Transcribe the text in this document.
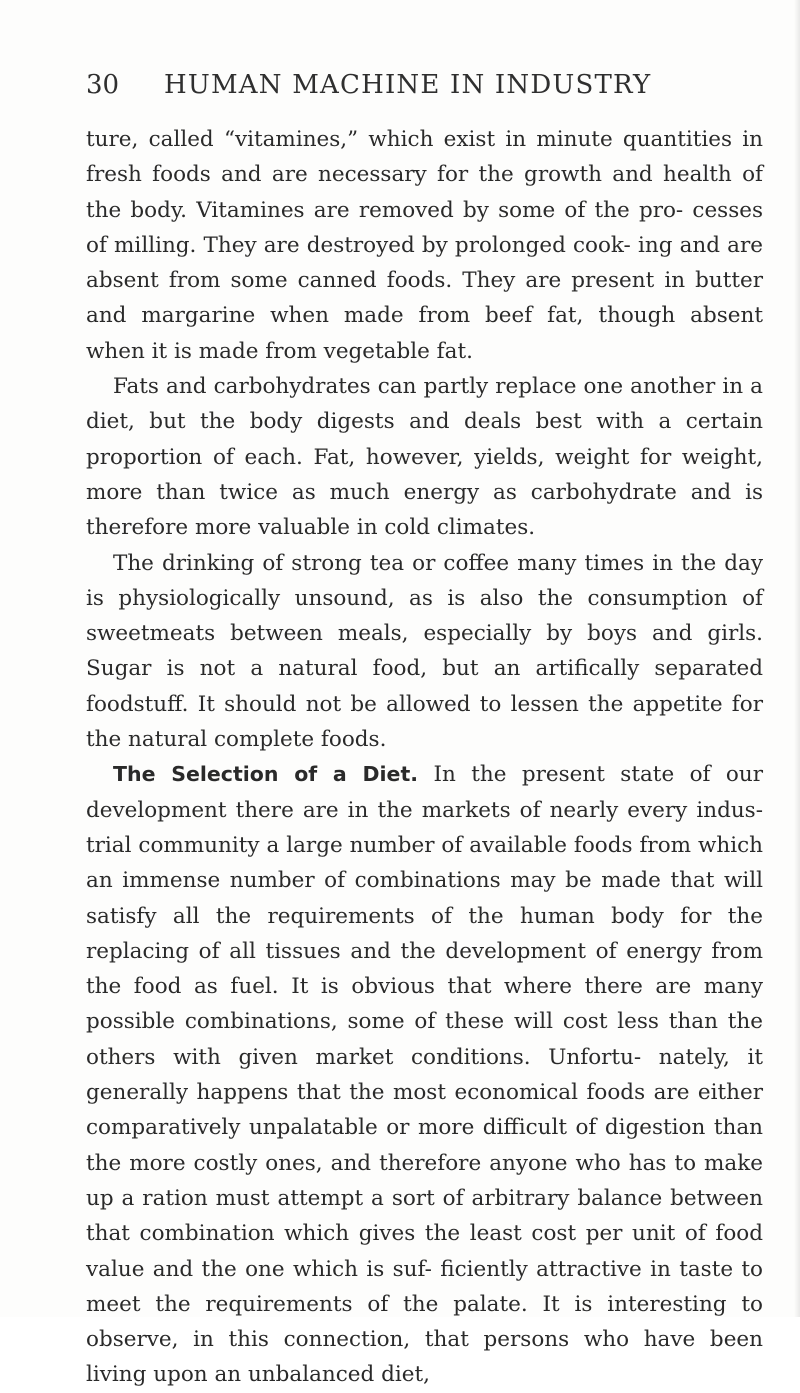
30 HUMAN MACHINE IN INDUSTRY

ture, called “vitamines,” which exist in minute quantities in fresh foods and are necessary for the growth and health of the body. Vitamines are removed by some of the pro- cesses of milling. They are destroyed by prolonged cook- ing and are absent from some canned foods. They are present in butter and margarine when made from beef fat, though absent when it is made from vegetable fat.

Fats and carbohydrates can partly replace one another in a diet, but the body digests and deals best with a certain proportion of each. Fat, however, yields, weight for weight, more than twice as much energy as carbohydrate and is therefore more valuable in cold climates.

The drinking of strong tea or coffee many times in the day is physiologically unsound, as is also the consumption of sweetmeats between meals, especially by boys and girls. Sugar is not a natural food, but an artifically separated foodstuff. It should not be allowed to lessen the appetite for the natural complete foods.

The Selection of a Diet. In the present state of our development there are in the markets of nearly every indus- trial community a large number of available foods from which an immense number of combinations may be made that will satisfy all the requirements of the human body for the replacing of all tissues and the development of energy from the food as fuel. It is obvious that where there are many possible combinations, some of these will cost less than the others with given market conditions. Unfortu- nately, it generally happens that the most economical foods are either comparatively unpalatable or more difficult of digestion than the more costly ones, and therefore anyone who has to make up a ration must attempt a sort of arbitrary balance between that combination which gives the least cost per unit of food value and the one which is suf- ficiently attractive in taste to meet the requirements of the palate. It is interesting to observe, in this connection, that persons who have been living upon an unbalanced diet,
